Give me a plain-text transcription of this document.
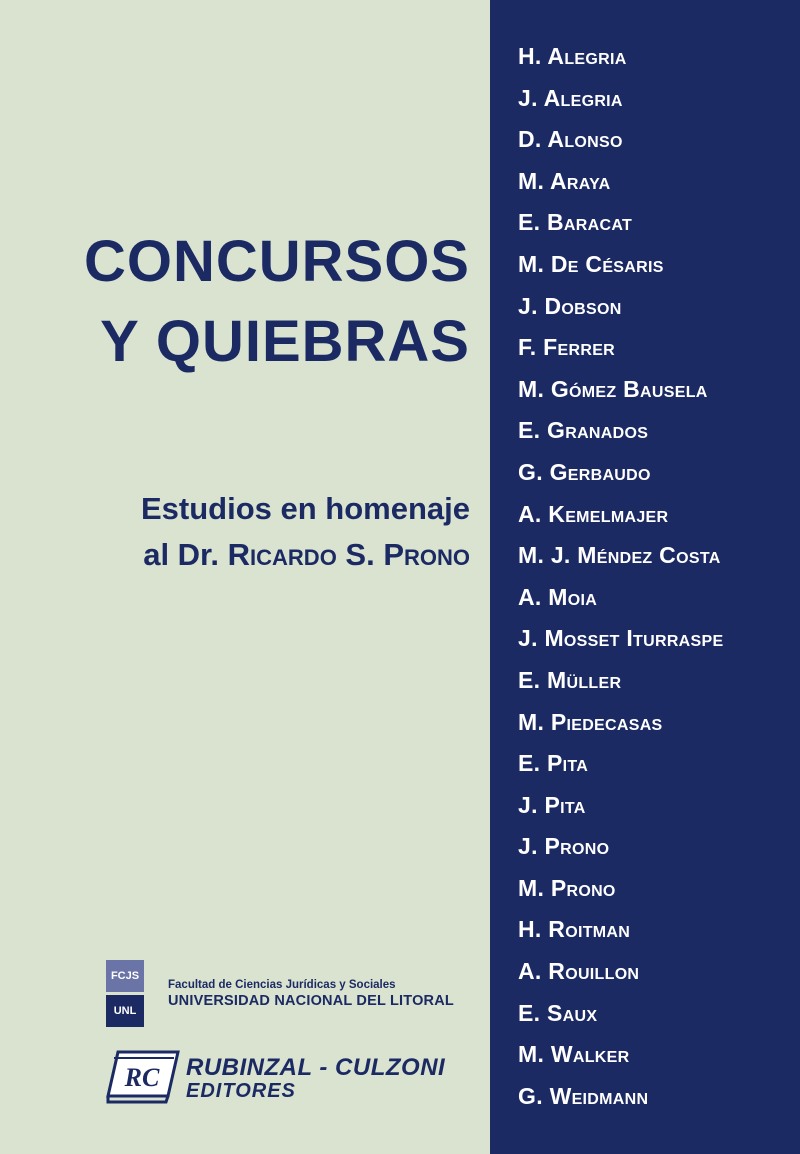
CONCURSOS
Y QUIEBRAS
Estudios en homenaje
al Dr. Ricardo S. Prono
FCJS
UNL
Facultad de Ciencias Jurídicas y Sociales
UNIVERSIDAD NACIONAL DEL LITORAL
RC RUBINZAL - CULZONI
EDITORES
H. Alegria
J. Alegria
D. Alonso
M. Araya
E. Baracat
M. De Césaris
J. Dobson
F. Ferrer
M. Gómez Bausela
E. Granados
G. Gerbaudo
A. Kemelmajer
M. J. Méndez Costa
A. Moia
J. Mosset Iturraspe
E. Müller
M. Piedecasas
E. Pita
J. Pita
J. Prono
M. Prono
H. Roitman
A. Rouillon
E. Saux
M. Walker
G. Weidmann
